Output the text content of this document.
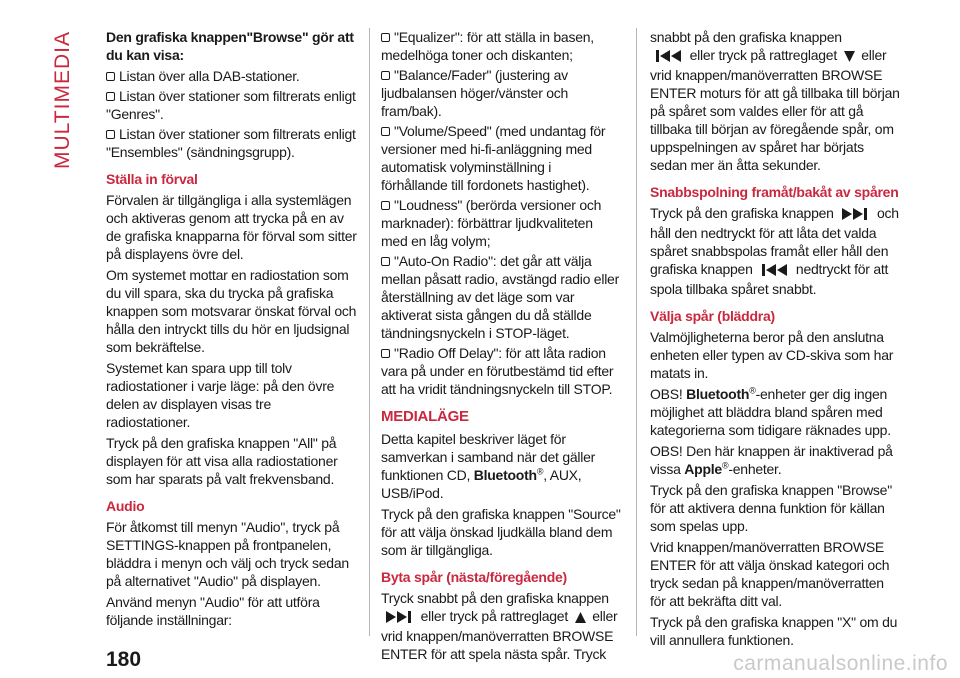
MULTIMEDIA Den grafiska knappen"Browse" gör att du kan visa:

Listan över alla DAB-stationer.

Listan över stationer som filtrerats enligt "Genres".

Listan över stationer som filtrerats enligt "Ensembles" (sändningsgrupp).

Ställa in förval

Förvalen är tillgängliga i alla systemlägen och aktiveras genom att trycka på en av de grafiska knapparna för förval som sitter på displayens övre del.

Om systemet mottar en radiostation som du vill spara, ska du trycka på grafiska knappen som motsvarar önskat förval och hålla den intryckt tills du hör en ljudsignal som bekräftelse.

Systemet kan spara upp till tolv radiostationer i varje läge: på den övre delen av displayen visas tre radiostationer.

Tryck på den grafiska knappen "All" på displayen för att visa alla radiostationer som har sparats på valt frekvensband.

Audio

För åtkomst till menyn "Audio", tryck på SETTINGS-knappen på frontpanelen, bläddra i menyn och välj och tryck sedan på alternativet "Audio" på displayen.

Använd menyn "Audio" för att utföra följande inställningar:

"Equalizer": för att ställa in basen, medelhöga toner och diskanten;

"Balance/Fader" (justering av ljudbalansen höger/vänster och fram/bak).

"Volume/Speed" (med undantag för versioner med hi-fi-anläggning med automatisk volyminställning i förhållande till fordonets hastighet).

"Loudness" (berörda versioner och marknader): förbättrar ljudkvaliteten med en låg volym;

"Auto-On Radio": det går att välja mellan påsatt radio, avstängd radio eller återställning av det läge som var aktiverat sista gången du då ställde tändningsnyckeln i STOP-läget.

"Radio Off Delay": för att låta radion vara på under en förutbestämd tid efter att ha vridit tändningsnyckeln till STOP.

MEDIALÄGE

Detta kapitel beskriver läget för samverkan i samband när det gäller funktionen CD, Bluetooth®, AUX, USB/iPod.

Tryck på den grafiska knappen "Source" för att välja önskad ljudkälla bland dem som är tillgängliga.

Byta spår (nästa/föregående)

Tryck snabbt på den grafiska knappen  eller tryck på rattreglaget eller vrid knappen/manöverratten BROWSE ENTER för att spela nästa spår. Tryck

snabbt på den grafiska knappen
eller tryck på rattreglaget eller vrid knappen/manöverratten BROWSE ENTER moturs för att gå tillbaka till början på spåret som valdes eller för att gå tillbaka till början av föregående spår, om uppspelningen av spåret har börjats sedan mer än åtta sekunder.

Snabbspolning framåt/bakåt av spåren

Tryck på den grafiska knappen	och håll den nedtryckt för att låta det valda spåret snabbspolas framåt eller håll den grafiska knappen	nedtryckt för att spola tillbaka spåret snabbt.

Välja spår (bläddra)

Valmöjligheterna beror på den anslutna enheten eller typen av CD-skiva som har matats in.

OBS! Bluetooth®-enheter ger dig ingen möjlighet att bläddra bland spåren med kategorierna som tidigare räknades upp.

OBS! Den här knappen är inaktiverad på vissa Apple®-enheter.

Tryck på den grafiska knappen "Browse" för att aktivera denna funktion för källan som spelas upp.

Vrid knappen/manöverratten BROWSE ENTER för att välja önskad kategori och tryck sedan på knappen/manöverratten för att bekräfta ditt val.

Tryck på den grafiska knappen "X" om du vill annullera funktionen.

180	carmanualsonline.info
